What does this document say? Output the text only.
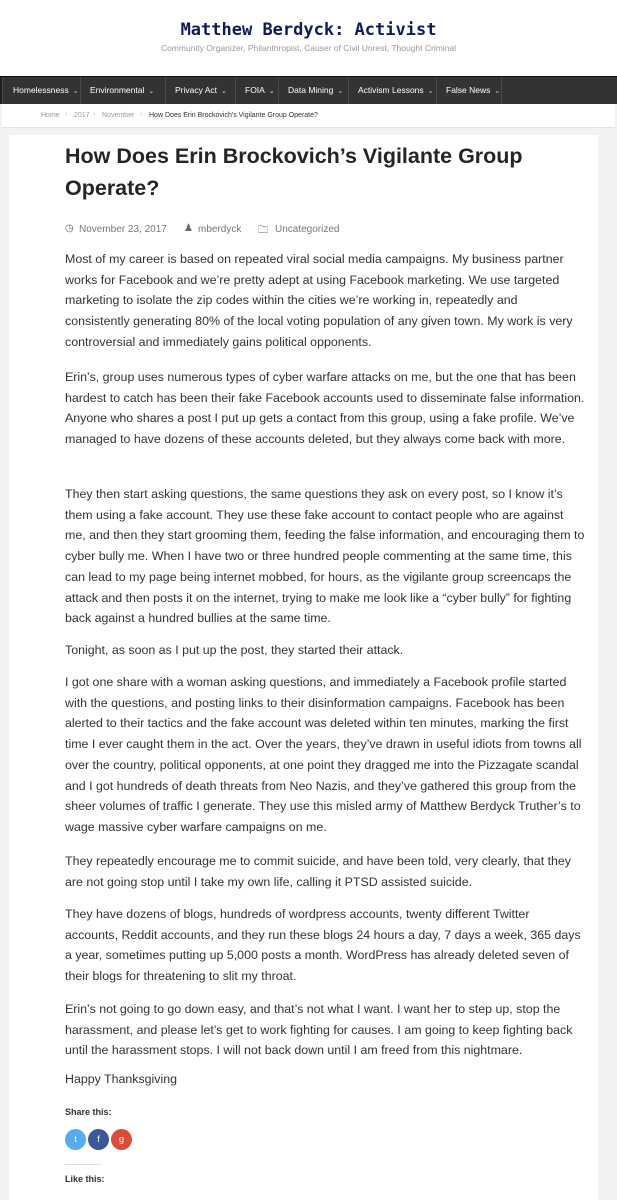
Matthew Berdyck: Activist
Community Organizer, Philanthropist, Causer of Civil Unrest, Thought Criminal
Homelessness ⌄	Environmental ⌄	Privacy Act ⌄	FOIA ⌄	Data Mining ⌄	Activism Lessons ⌄	False News ⌄
Home › 2017 › November › How Does Erin Brockovich's Vigilante Group Operate?
How Does Erin Brockovich’s Vigilante Group Operate?
◷ November 23, 2017 ♟ mberdyck 🗀 Uncategorized

Most of my career is based on repeated viral social media campaigns. My business partner works for Facebook and we’re pretty adept at using Facebook marketing. We use targeted marketing to isolate the zip codes within the cities we’re working in, repeatedly and consistently generating 80% of the local voting population of any given town. My work is very controversial and immediately gains political opponents.

Erin’s, group uses numerous types of cyber warfare attacks on me, but the one that has been hardest to catch has been their fake Facebook accounts used to disseminate false information. Anyone who shares a post I put up gets a contact from this group, using a fake profile. We’ve managed to have dozens of these accounts deleted, but they always come back with more.

They then start asking questions, the same questions they ask on every post, so I know it’s them using a fake account. They use these fake account to contact people who are against me, and then they start grooming them, feeding the false information, and encouraging them to cyber bully me. When I have two or three hundred people commenting at the same time, this can lead to my page being internet mobbed, for hours, as the vigilante group screencaps the attack and then posts it on the internet, trying to make me look like a “cyber bully” for fighting back against a hundred bullies at the same time.

Tonight, as soon as I put up the post, they started their attack.

I got one share with a woman asking questions, and immediately a Facebook profile started with the questions, and posting links to their disinformation campaigns. Facebook has been alerted to their tactics and the fake account was deleted within ten minutes, marking the first time I ever caught them in the act. Over the years, they’ve drawn in useful idiots from towns all over the country, political opponents, at one point they dragged me into the Pizzagate scandal and I got hundreds of death threats from Neo Nazis, and they’ve gathered this group from the sheer volumes of traffic I generate. They use this misled army of Matthew Berdyck Truther’s to wage massive cyber warfare campaigns on me.

They repeatedly encourage me to commit suicide, and have been told, very clearly, that they are not going stop until I take my own life, calling it PTSD assisted suicide.

They have dozens of blogs, hundreds of wordpress accounts, twenty different Twitter accounts, Reddit accounts, and they run these blogs 24 hours a day, 7 days a week, 365 days a year, sometimes putting up 5,000 posts a month. WordPress has already deleted seven of their blogs for threatening to slit my throat.

Erin’s not going to go down easy, and that’s not what I want. I want her to step up, stop the harassment, and please let’s get to work fighting for causes. I am going to keep fighting back until the harassment stops. I will not back down until I am freed from this nightmare.

Happy Thanksgiving

Share this:
t	f	g
Like this:
